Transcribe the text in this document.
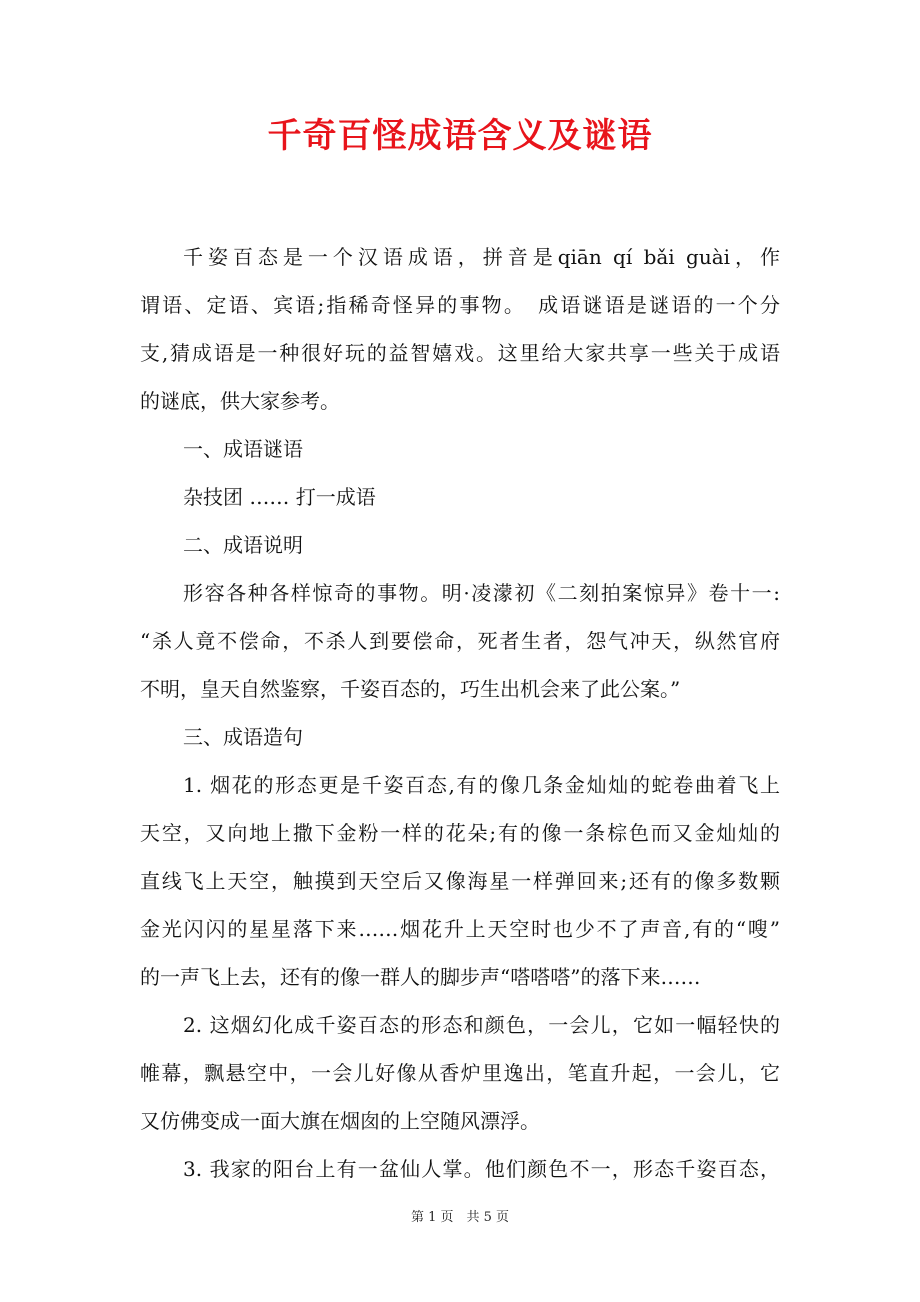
千奇百怪成语含义及谜语
千姿百态是一个汉语成语，拼音是qiān qí bǎi guài，作
谓语、定语、宾语;指稀奇怪异的事物。　成语谜语是谜语的一个分
支,猜成语是一种很好玩的益智嬉戏。这里给大家共享一些关于成语
的谜底，供大家参考。
一、成语谜语
杂技团 …… 打一成语
二、成语说明
形容各种各样惊奇的事物。明·凌濛初《二刻拍案惊异》卷十一:
“杀人竟不偿命，不杀人到要偿命，死者生者，怨气冲天，纵然官府
不明，皇天自然鉴察，千姿百态的，巧生出机会来了此公案。”
三、成语造句
1. 烟花的形态更是千姿百态,有的像几条金灿灿的蛇卷曲着飞上
天空，又向地上撒下金粉一样的花朵;有的像一条棕色而又金灿灿的
直线飞上天空，触摸到天空后又像海星一样弹回来;还有的像多数颗
金光闪闪的星星落下来……烟花升上天空时也少不了声音,有的“嗖”
的一声飞上去，还有的像一群人的脚步声“嗒嗒嗒”的落下来……
2. 这烟幻化成千姿百态的形态和颜色，一会儿，它如一幅轻快的
帷幕，飘悬空中，一会儿好像从香炉里逸出，笔直升起，一会儿，它
又仿佛变成一面大旗在烟囱的上空随风漂浮。
3. 我家的阳台上有一盆仙人掌。他们颜色不一，形态千姿百态，
第 1 页　共 5 页
